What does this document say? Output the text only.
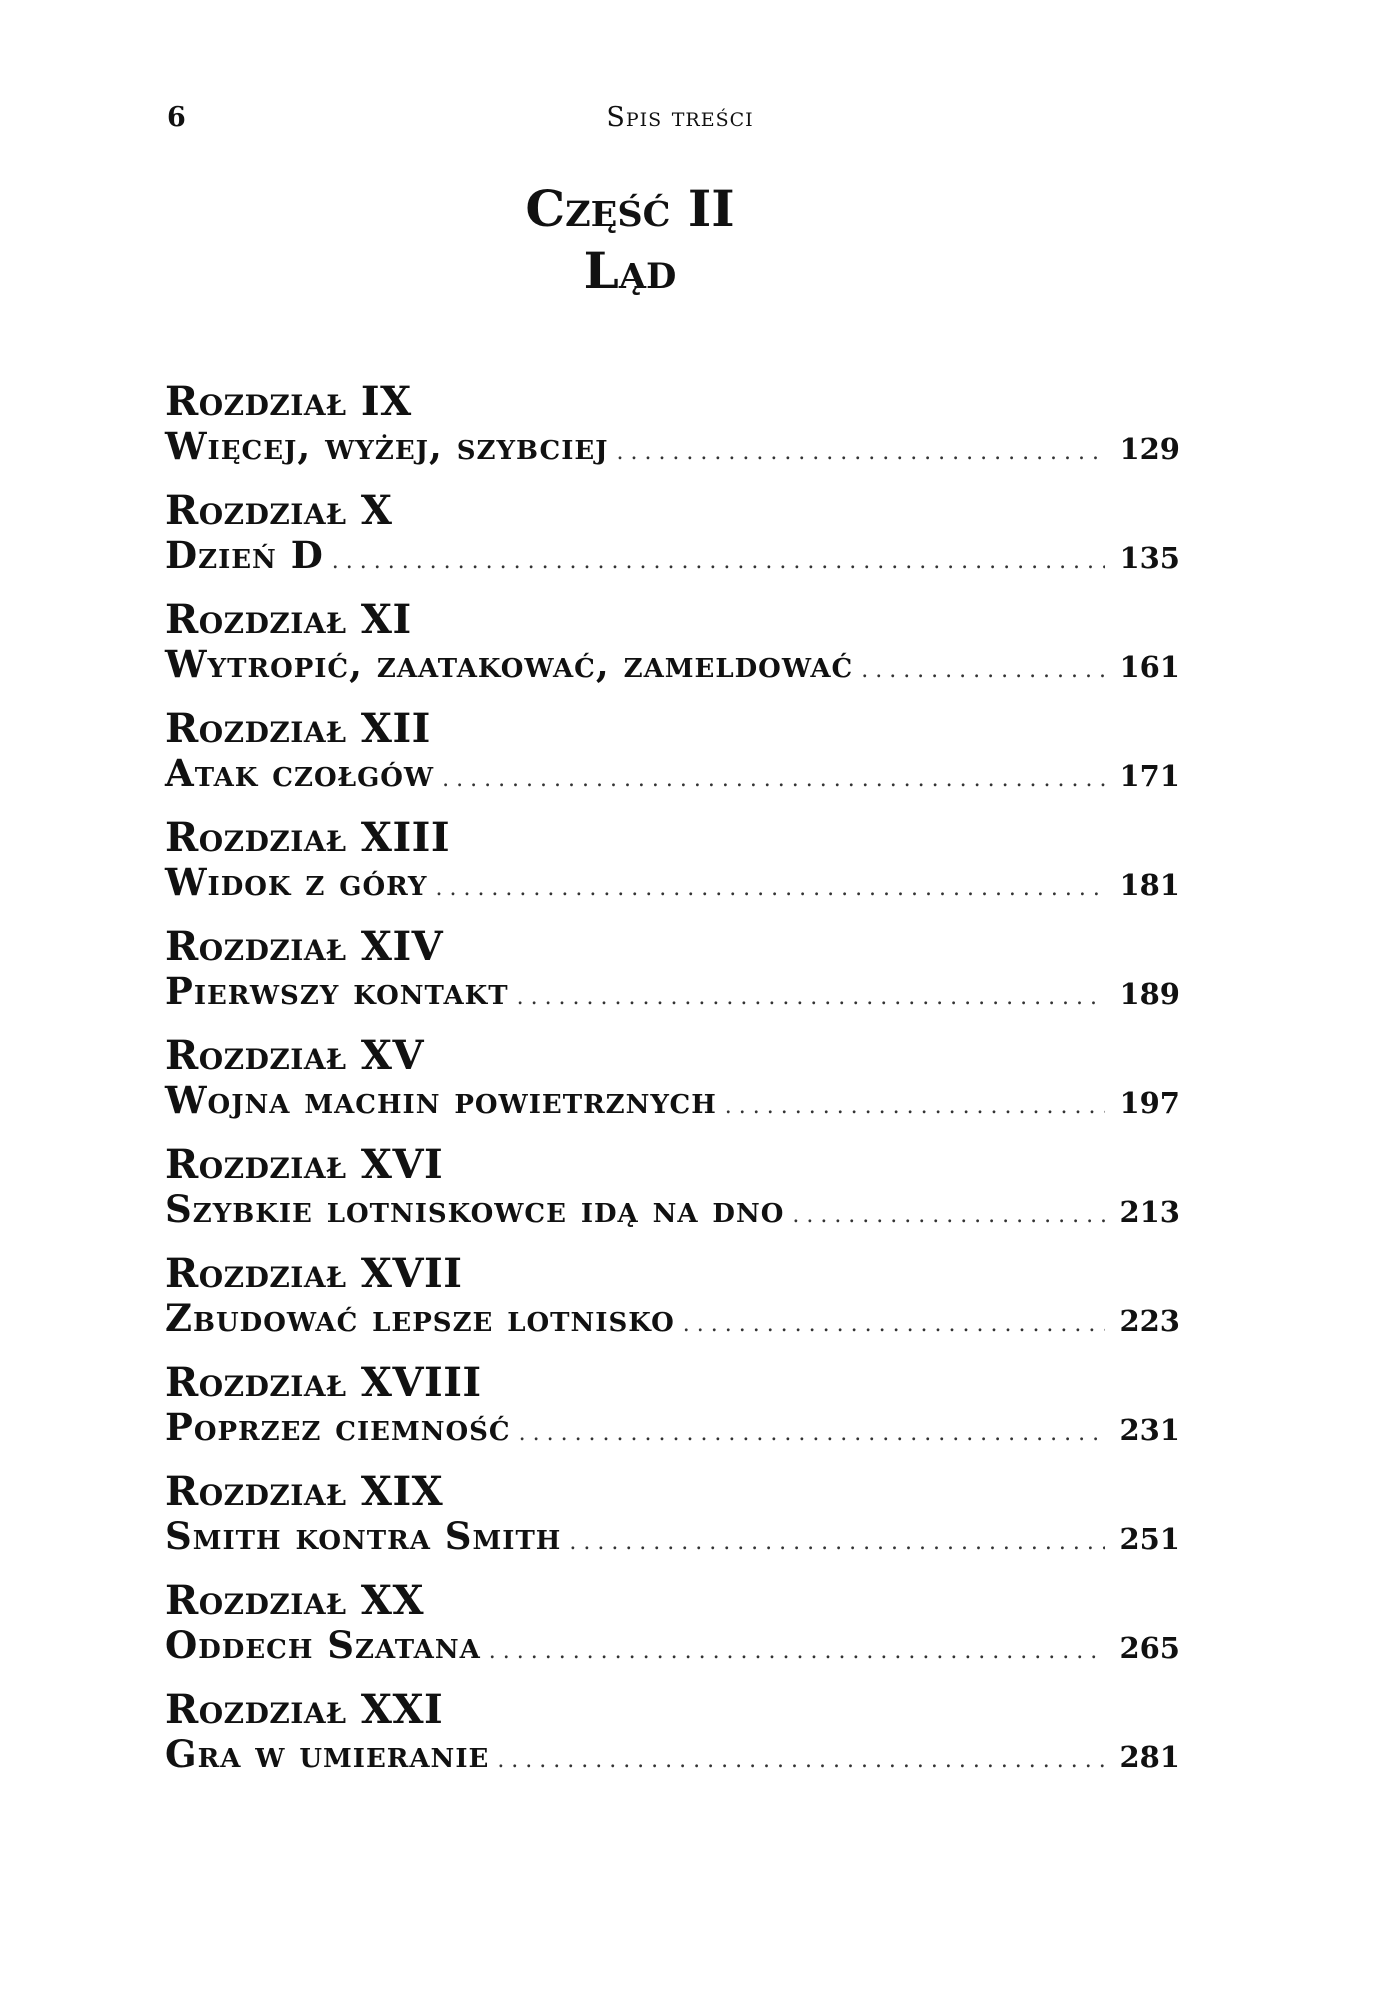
6	Spis treści
Część II
Ląd
Rozdział IX
Więcej, wyżej, szybciej . . .	129
Rozdział X
Dzień D . . .	135
Rozdział XI
Wytropić, zaatakować, zameldować . . .	161
Rozdział XII
Atak czołgów . . .	171
Rozdział XIII
Widok z góry . . .	181
Rozdział XIV
Pierwszy kontakt . . .	189
Rozdział XV
Wojna machin powietrznych . . .	197
Rozdział XVI
Szybkie lotniskowce idą na dno . . .	213
Rozdział XVII
Zbudować lepsze lotnisko . . .	223
Rozdział XVIII
Poprzez ciemność . . .	231
Rozdział XIX
Smith kontra Smith . . .	251
Rozdział XX
Oddech Szatana . . .	265
Rozdział XXI
Gra w umieranie . . .	281
